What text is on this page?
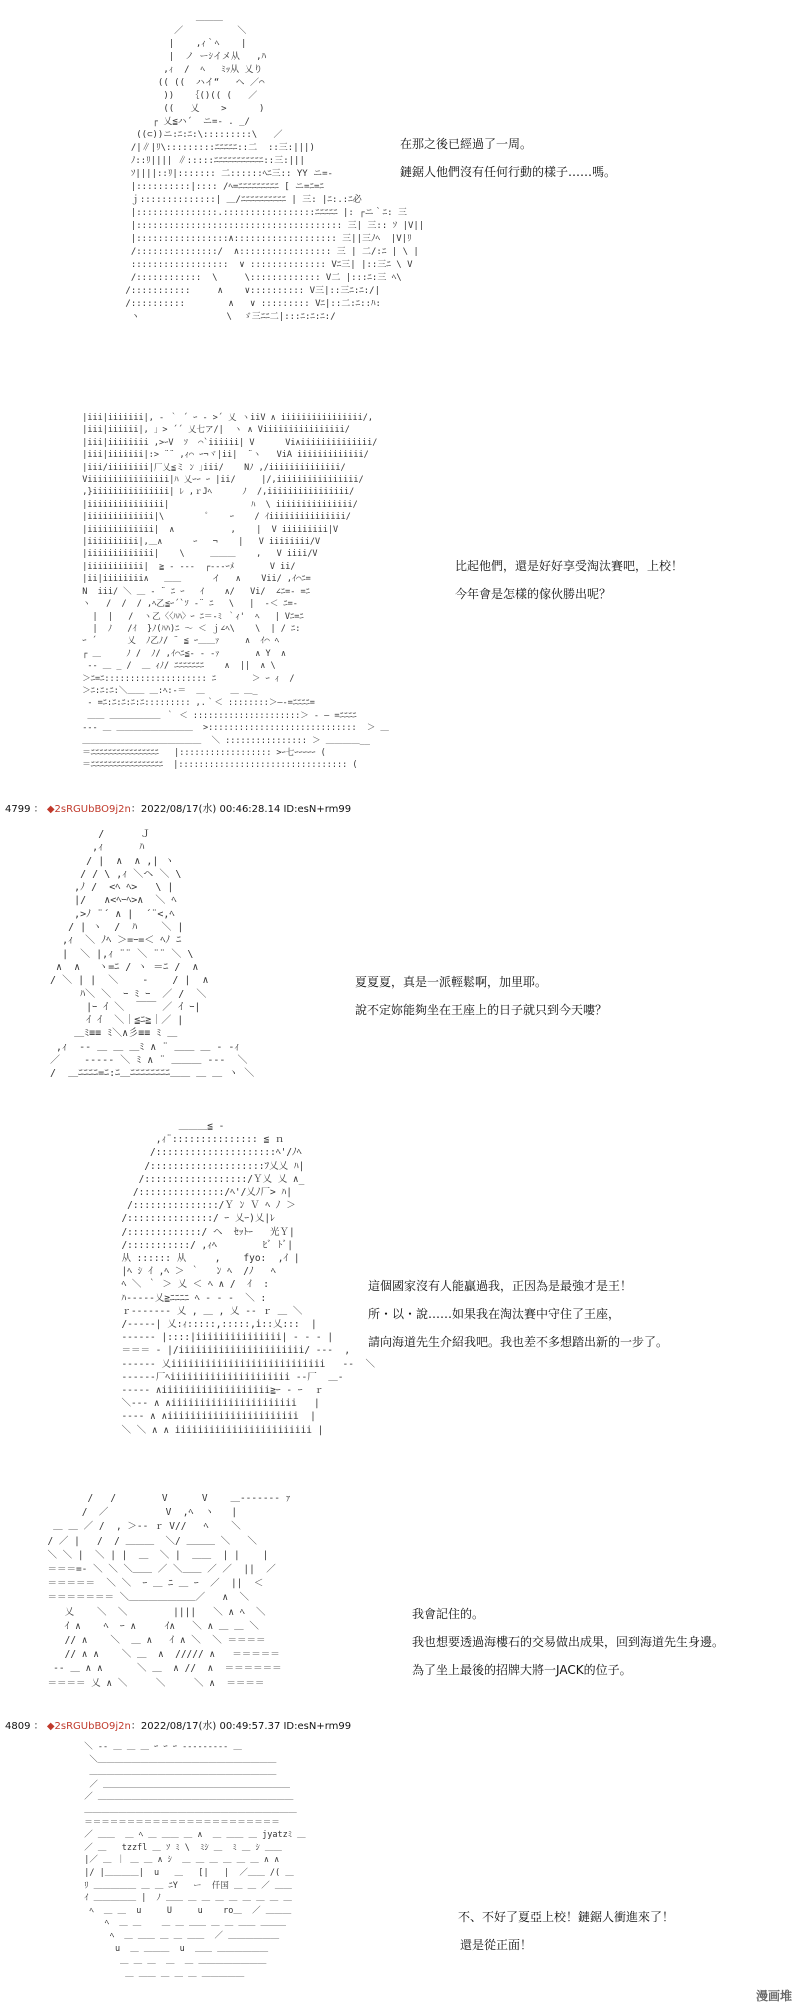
＿＿＿
／          ＼
|    ,ｨ｀ﾍ    |
|  ノ ーｼイメ从   ,ﾊ
,ｨ  /  ﾍ   ﾐｯ从 乂り
(( ((  ハイ“   ヘ ／⌒
))   ｛()(( (   ／
((   乂    >      )
┌ 乂≦ハ´  ニ=- . _/
((⊂))ニ:ﾆ:ﾆ:\:::::::::\   ／
/|∥|ﾘ\:::::::::ﾆﾆﾆﾆﾆ::二  ::三:|||)
ﾉ::ﾘ|||| ∥:::::ﾆﾆﾆﾆﾆﾆﾆﾆﾆﾆﾆ::三:|||
ｿ||||::ﾘ|::::::: 二::::::ﾍﾆ三:: YY ニ=-
|::::::::::|:::: /ﾍ=ﾆﾆﾆﾆﾆﾆﾆﾆﾆ [ ニ=ﾆ=ﾆ
ｊ::::::::::::::| ＿/ﾆﾆﾆﾆﾆﾆﾆﾆﾆﾆ | 三: |ﾆ:.:ﾆ必
|:::::::::::::::.:::::::::::::::::ﾆﾆﾆﾆﾆ |: ┌ニ｀ﾆ: 三
|:::::::::::::::::::::::::::::::::::::: 三| 三:: ｿ |V||
|:::::::::::::::::∧::::::::::::::::::: 三||三ﾉﾍ  |V|ﾘ
/:::::::::::::::/  ∧::::::::::::::::: 三 | 二/:ﾆ | \ |
::::::::::::::::::  ∨ :::::::::::::: Vﾆ三| |::三ﾆ \ V
/::::::::::::  \     \::::::::::::: V二 |:::ﾆ:三 ﾍ\
/:::::::::::     ∧    ∨:::::::::: V三|::三ﾆ:ﾆ:/|
/::::::::::        ∧   ∨ ::::::::: Vﾆ|::二:ﾆ::ﾊ:
ヽ                \  ゞ三ﾆﾆ二|:::ﾆ:ﾆ:ﾆ:/

在那之後已經過了一周。

鏈鋸人他們沒有任何行動的樣子……嗎。

|iii|iiiiiii|, - ｀ ´ ｰ - >´ 乂 ヽiiV ∧ iiiiiiiiiiiiiiii/,
|iii|iiiiii|, 」> ´´ 乂七ア/|  ヽ ∧ Viiiiiiiiiiiiiiii/
|iii|iiiiiiii ,>ｰV  ｿ  ⌒`iiiiii| V      Vi∧iiiiiiiiiiiiii/
|iii|iiiiiii|:> ¨¨ ,ｨ⌒ ｰ¬ヾ|ii|  ¨ヽ   ViA iiiiiiiiiiiii/
|iii/iiiiiiii|厂乂≦ミ ﾝ ｣iii/    Nﾉ ,/iiiiiiiiiiiiii/
Viiiiiiiiiiiiiiii|ﾊ 乂ｰｰ ｰ |ii/     |/,iiiiiiiiiiiiiiii/
,}iiiiiiiiiiiiiii| ﾚ ,ｒJﾍ      ﾉ  /,iiiiiiiiiiiiiiii/
|iiiiiiiiiiiiiii|                ﾊ  \ iiiiiiiiiiiiiii/
|iiiiiiiiiiiii|\        ﾟ    ｰ    / ｲiiiiiiiiiiiiiii/
|iiiiiiiiiiiii|  ∧           ,    |  V iiiiiiiii|V
|iiiiiiiiii|,＿∧      ｰ   ¬    |   V iiiiiiii/V
|iiiiiiiiiiiii|    \     ＿＿＿    ,   V iiii/V
|iiiiiiiiiii|  ≧ - -‐‐  ┌‐‐‐ｰﾒ       V ii/
|ii|iiiiiiii∧   ＿＿      イ   ∧    Vii/ ,ｲ⌒ﾆ=
N  iii/ ＼ ＿ ‐ ¨ ﾆ ｰ   ｲ    ∧/   Vi/  ∠ﾆ=- =ﾆ
ヽ   /  /  / ,ﾍ乙≦ｰ´`ｿ ‐¨ ﾆ   \   |  ‐＜ ﾆ=-
|  |   /  ヽ乙〈〈ﾊﾊ〉ｰ ﾆ＝-ﾐ ｀ｨ'  ﾍ   | Vﾆ=ﾆ
|  ﾉ   /ｲ  }ﾉ(ﾊﾊ)ﾆ ～ ＜ ｊ∠ﾍ\    \  | / ﾆ:
ｰ ´      乂  ﾉ乙ﾉ/ ¨ ≦ ｰ＿＿ｧ     ∧  ｲ⌒ ﾍ
┌ ＿     ﾉ /  ﾉ/ ,ｲ⌒ﾆ≦‐ - -ｧ       ∧ Y  ∧
‐‐ ＿ _ /  ＿ ｨﾉ/ ﾆﾆﾆﾆﾆﾆﾆ    ∧  ||  ∧ \
＞ﾆ=ﾆ:::::::::::::::::::: ﾆ       ＞ ｰ ｨ  /
＞ﾆ:ﾆ:ﾆ:＼＿＿ ＿:ﾍ:‐＝  ＿     ＿ ＿_
‐ =ﾆ:ﾆ:ﾆ:ﾆ:ﾆ::::::::: ,.｀＜ ::::::::＞―‐=ﾆﾆﾆﾆ=
＿＿ ＿＿＿＿＿＿ ｀ ＜ :::::::::::::::::::::＞ ‐ ― =ﾆﾆﾆﾆ
‐‐‐ ＿ ＿＿＿＿＿＿＿＿＿  >:::::::::::::::::::::::::::::  ＞ ＿
＿＿＿＿＿＿＿＿＿＿＿＿＿＿  ＼ :::::::::::::::: ＞ ＿＿＿＿__
＝ﾆﾆﾆﾆﾆﾆﾆﾆﾆﾆﾆﾆﾆﾆﾆﾆ   |:::::::::::::::::: >ｰ七ｰｰｰｰｰ (
＝ﾆﾆﾆﾆﾆﾆﾆﾆﾆﾆﾆﾆﾆﾆﾆﾆﾆ  |::::::::::::::::::::::::::::::::: (

比起他們，還是好好享受淘汰賽吧，上校！

今年會是怎樣的傢伙勝出呢？

4799 ： ◆2sRGUbBO9j2n：2022/08/17(水) 00:46:28.14 ID:esN+rm99
/      Ｊ
,ｨ      ﾊ
/ |  ∧  ∧ ,| ヽ
/ / \ ,ｨ ＼ヘ ＼ \
,ﾉ /  <ﾍ ﾍ>   \ |
|/   ∧<ﾍｰﾍ>∧  ＼ ﾍ
,>ﾉ ¨´ ∧ |  ´¨<,ﾍ
/ | ヽ  /  ﾊ    ＼ |
,ｨ  ＼ ﾉﾍ ＞=ｰ=＜ ﾍﾉ ﾆ
|  ＼ |,ｨ ¨¨ ＼ ¨¨ ＼ \
∧  ∧   ヽ=ﾆ / ヽ ＝ﾆ /  ∧
/ ＼ | |  ＼    ‐    / |  ∧
ﾊ＼ ＼  ｰ ﾐ ｰ  ／ /  ＼
|ｰ ｲ ＼  ￣￣ ／ ｲ ｰ|
ｲ ｲ  ＼｜≦ﾆ≧｜／ |
＿ﾐ≡≡ ﾐ＼∧彡≡≡ ﾐ ＿
,ｨ  ‐‐ ＿ ＿ ＿ﾐ ∧ ¨ ＿＿ ＿ ‐ -ｨ
／    ‐‐‐‐‐ ＼ ﾐ ∧ ¨ ＿＿＿ -‐‐  ＼
/  ＿ﾆﾆﾆﾆ=ﾆ:ﾆ＿ﾆﾆﾆﾆﾆﾆﾆﾆ＿＿ ＿ ＿ ヽ ＼

夏夏夏，真是一派輕鬆啊，加里耶。

說不定妳能夠坐在王座上的日子就只到今天嘍？

＿＿＿≦ -
,ｨ¨::::::::::::::: ≦ ｎ
/:::::::::::::::::::::ﾍ'/ﾉﾍ
/::::::::::::::::::::ﾌ乂乂 ﾊ|
/::::::::::::::::::/Ｙ乂 乂 ∧_
/:::::::::::::::/ﾍ'/乂ﾉ厂> ﾊ|
/:::::::::::::::/Ｙ ﾝ Ｖ ﾍ ﾉ ＞
/:::::::::::::::/ ｰ 乂ｰ)乂|ﾚ
/:::::::::::::/ ヘ  ｾｯﾄｰ   光Ｙ|
/:::::::::::/ ,ｨﾍ        ﾋﾞ ﾄﾞ|
从 :::::: 从     ,    fyo:  ,ｲ |
|ﾍ ｼ ｲ ,ﾍ ＞ ｀   ﾝ ﾍ  /ﾉ   ﾍ
ﾍ ＼ ｀ ＞ 乂 ＜ ﾍ ∧ /  ｲ  :
ﾊ‐‐‐‐‐乂≧ﾆﾆﾆﾆ ﾍ ‐ ‐ ‐  ＼ :
ｒ‐‐‐‐‐‐‐ 乂 , ＿ , 乂 ‐‐ ｒ ＿ ＼
/‐‐‐‐‐| 乂:ｨ:::::,:::::,i::乂:::  |
‐‐‐‐‐‐ |::::|iiiiiiiiiiiiiii| ‐ ‐ ‐ |
＝＝＝ ‐ |/iiiiiiiiiiiiiiiiiiiiii/ ‐‐‐  ,
‐‐‐‐‐‐ 乂iiiiiiiiiiiiiiiiiiiiiiiiiii   ‐‐  ＼
‐‐‐‐‐‐厂ﾍiiiiiiiiiiiiiiiiiiiii ‐‐厂  ＿‐
‐‐‐‐‐ ∧iiiiiiiiiiiiiiiiiii≧ｰ ‐ ｰ  ｒ
＼‐‐‐ ∧ ∧iiiiiiiiiiiiiiiiiiiiii   |
‐‐‐‐ ∧ ∧iiiiiiiiiiiiiiiiiiiiiii  |
＼ ＼ ∧ ∧ iiiiiiiiiiiiiiiiiiiiiiii |

這個國家沒有人能贏過我，正因為是最強才是王！

所・以・說……如果我在淘汰賽中守住了王座，

請向海道先生介紹我吧。我也差不多想踏出新的一步了。

/   /        V      V    ＿‐‐‐‐‐‐‐ ｧ
/  ／          V  ,ﾍ  ヽ   |
＿ ＿ ／ /  , ＞‐‐ ｒ V//   ﾍ    ＼
/ ／ |   /  / ＿＿＿  ＼/ ＿＿＿ ＼   ＼
＼ ＼ |  ＼ | |  ＿  ＼ |  ＿＿  | |    |
＝＝＝=‐ ＼ ＼ ＼＿＿ ／ ＼＿＿ ／ ／  ||  ／
＝＝＝＝＝  ＼ ＼  ｰ ＿ ﾆ ＿ ｰ  ／  ||  ＜
＝＝＝＝＝＝＝ ＼＿＿＿＿＿＿＿／   ∧  ＼
乂    ＼  ＼        ||||   ＼ ∧ ﾍ  ＼
ｲ ∧    ﾍ  ｰ ∧     ｲ∧   ＼ ∧ ＿ ＿ ＼
// ∧    ＼  ＿ ∧   ｲ ∧ ＼  ＼ ＝＝＝＝
// ∧ ∧    ＼ ＿  ∧  ///// ∧   ＝＝＝＝＝
‐‐ ＿ ∧ ∧      ＼ ＿  ∧ //  ∧  ＝＝＝＝＝＝
＝＝＝＝ 乂 ∧ ＼     ＼     ＼ ∧  ＝＝＝＝

我會記住的。

我也想要透過海樓石的交易做出成果，回到海道先生身邊。

為了坐上最後的招牌大將一JACK的位子。

4809 ： ◆2sRGUbBO9j2n：2022/08/17(水) 00:49:57.37 ID:esN+rm99
＼ ‐‐ ＿ ＿ ＿ ｰ ｰ ｰ ‐‐‐‐‐‐‐‐‐ ＿
＼＿＿＿＿＿＿＿＿＿＿＿＿＿＿＿＿＿＿＿＿＿
＿＿＿＿＿＿＿＿＿＿＿＿＿＿＿＿＿＿＿＿＿＿
／ ＿＿＿＿＿＿＿＿＿＿＿＿＿＿＿＿＿＿＿＿＿＿
／ ＿＿＿＿＿＿＿＿＿＿＿＿＿＿＿＿＿＿＿＿＿＿＿
＿＿＿＿＿＿＿＿＿＿＿＿＿＿＿＿＿＿＿＿＿＿＿＿＿
＝＝＝＝＝＝＝＝＝＝＝＝＝＝＝＝＝＝＝＝＝＝＝
／ ＿＿  ＿ ﾍ ＿ ＿＿ ＿ ∧  ＿ ＿＿ ＿ jyatzﾐ ＿
／ ＿   tzzfl ＿ ｿ ﾐ \  ﾐｼ ＿  ﾐ ＿ ｼ ＿＿
|／ ＿ ｜ ＿ ＿ ∧ ｼ  ＿ ＿ ＿ ＿ ＿ ＿ ∧ ∧
|/ |＿＿＿＿|  u   ＿   [|   |  ／＿＿ /( ＿
ﾘ ＿＿＿＿＿ ＿ ＿ ﾆY   ー  仟国 ＿ ＿ ／ ＿＿
ｲ ＿＿＿＿＿ |  ﾉ ＿＿ ＿ ＿ ＿ ＿ ＿ ＿ ＿ ＿
ﾍ  ＿ ＿  u     U     u    ro＿  ／ ＿＿＿
ﾍ  ＿ ＿    ＿ ＿ ＿＿ ＿ ＿ ＿＿ ＿＿＿
ﾍ  ＿ ＿＿ ＿ ＿ ＿＿  ／ ＿＿＿＿＿＿
u  ＿ ＿＿＿  u  ＿＿ ＿＿＿＿＿＿
＿ ＿ ＿  ＿  ＿ ＿＿＿＿＿＿＿＿
＿ ＿＿ ＿ ＿ ＿ ＿＿＿＿＿

不、不好了夏亞上校！鏈鋸人衝進來了！

還是從正面！

漫画堆
